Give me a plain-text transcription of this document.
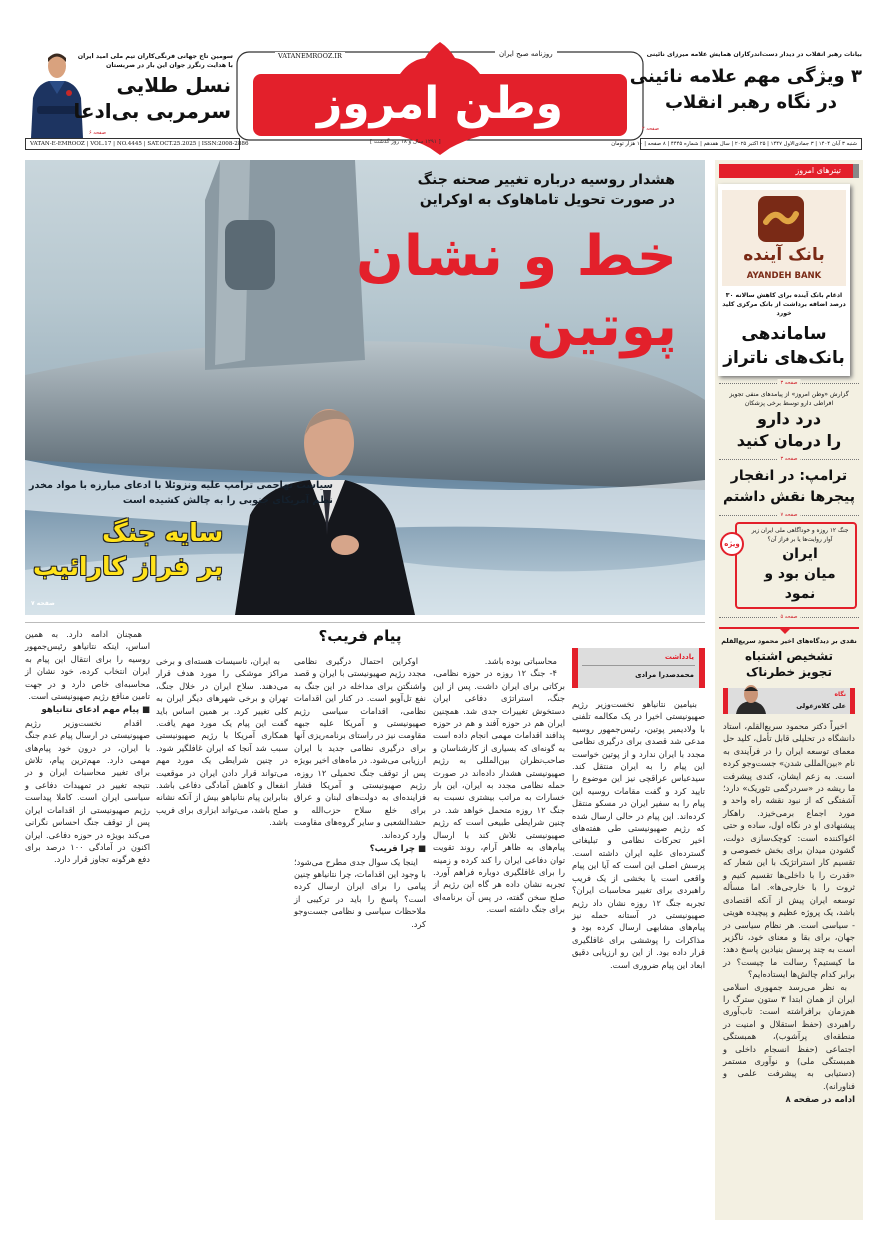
سومین تاج جهانی فرنگی‌کاران تیم ملی امید ایران
با هدایت رنگرز جوان این بار در صربستان
نسل طلایی
سرمربی بی‌ادعا
صفحه ۶
وطن امروز
روزنامه صبح ایران
VATANEMROOZ.IR	بیانات رهبر انقلاب در دیدار دست‌اندرکاران همایش علامه میرزای نائینی
۳ ویژگی مهم علامه نائینی
در نگاه رهبر انقلاب
صفحه ۲
VATAN-E-EMROOZ | VOL.17 | NO.4445 | SAT.OCT.25.2025 | ISSN:2008-2886	[ ۱۲۹۱ سال و ۱۸ روز گذشت ]	شنبه ۳ آبان ۱۴۰۴ | ۳ جمادی‌الاول ۱۴۴۷ | ۲۵ اکتبر ۲۰۲۵ | سال هفدهم | شماره ۴۴۴۵ | ۸ صفحه | ۱۰ هزار تومان
هشدار روسیه درباره تغییر صحنه جنگ
در صورت تحویل تاماهاوک به اوکراین
خط و نشان
پوتین
سیاست تهاجمی ترامپ علیه ونزوئلا با ادعای مبارزه با مواد مخدر
نظم آمریکای جنوبی را به چالش کشیده است
سایه جنگ
بر فراز کارائیب
صفحه ۷
تیترهای امروز
بانک آینده
AYANDEH BANK
ادغام بانک آینده برای کاهش سالانه ۳۰ درصد اضافه برداشت از بانک مرکزی کلید خورد
ساماندهی
بانک‌های ناتراز
صفحه ۳
گزارش «وطن امروز» از پیامدهای منفی تجویز افراطی دارو توسط برخی پزشکان
درد دارو
را درمان کنید
صفحه ۳
ترامپ: در انفجار
پیجرها نقش داشتم
صفحه ۷
ویژه
جنگ ۱۲ روزه و خودآگاهی ملی ایران زیر آوار روایت‌ها یا بر فراز آن؟
ایران
میان بود و نمود
صفحه ۵
نقدی بر دیدگاه‌های اخیر محمود سریع‌القلم
تشخیص اشتباه
تجویز خطرناک
نگاه
علی کلاه‌زغولی

اخیراً دکتر محمود سریع‌القلم، استاد دانشگاه در تحلیلی قابل تأمل، کلید حل معمای توسعه ایران را در فرآیندی به نام «بین‌المللی شدن» جست‌وجو کرده است. به زعم ایشان، کندی پیشرفت ما ریشه در «سردرگمی تئوریک» دارد؛ آشفتگی که از نبود نقشه راه واحد و مورد اجماع برمی‌خیزد. راهکار پیشنهادی او در نگاه اول، ساده و حتی اغواکننده است: کوچک‌سازی دولت، گشودن میدان برای بخش خصوصی و تقسیم کار استراتژیک با این شعار که «قدرت را با داخلی‌ها تقسیم کنیم و ثروت را با خارجی‌ها». اما مسأله توسعه ایران پیش از آنکه اقتصادی باشد، یک پروژه عظیم و پیچیده هویتی - سیاسی است. هر نظام سیاسی در جهان، برای بقا و معنای خود، ناگزیر است به چند پرسش بنیادین پاسخ دهد: ما کیستیم؟ رسالت ما چیست؟ در برابر کدام چالش‌ها ایستاده‌ایم؟

به نظر می‌رسد جمهوری اسلامی ایران از همان ابتدا ۳ ستون سترگ را هم‌زمان برافراشته است: تاب‌آوری راهبردی (حفظ استقلال و امنیت در منطقه‌ای پرآشوب)، همبستگی اجتماعی (حفظ انسجام داخلی و همبستگی ملی) و نوآوری مستمر (دستیابی به پیشرفت علمی و فناورانه).

ادامه در صفحه ۸
پیام فریب؟
یادداشت
محمدصدرا مرادی

بنیامین نتانیاهو نخست‌وزیر رژیم صهیونیستی اخیرا در یک مکالمه تلفنی با ولادیمیر پوتین، رئیس‌جمهور روسیه مدعی شد قصدی برای درگیری نظامی مجدد با ایران ندارد و از پوتین خواست این پیام را به ایران منتقل کند. سیدعباس عراقچی نیز این موضوع را تایید کرد و گفت مقامات روسیه این پیام را به سفیر ایران در مسکو منتقل کرده‌اند. این پیام در حالی ارسال شده که رژیم صهیونیستی طی هفته‌های اخیر تحرکات نظامی و تبلیغاتی گسترده‌ای علیه ایران داشته است. پرسش اصلی این است که آیا این پیام واقعی است یا بخشی از یک فریب راهبردی برای تغییر محاسبات ایران؟ تجربه جنگ ۱۲ روزه نشان داد رژیم صهیونیستی در آستانه حمله نیز پیام‌های مشابهی ارسال کرده بود و مذاکرات را پوششی برای غافلگیری قرار داده بود. از این رو ارزیابی دقیق ابعاد این پیام ضروری است.

محاسباتی بوده باشد.

۴- جنگ ۱۲ روزه در حوزه نظامی، برکاتی برای ایران داشت. پس از این جنگ، استراتژی دفاعی ایران دستخوش تغییرات جدی شد. همچنین ایران هم در حوزه آفند و هم در حوزه پدافند اقدامات مهمی انجام داده است به گونه‌ای که بسیاری از کارشناسان و صاحب‌نظران بین‌المللی به رژیم صهیونیستی هشدار داده‌اند در صورت حمله نظامی مجدد به ایران، این بار خسارات به مراتب بیشتری نسبت به جنگ ۱۲ روزه متحمل خواهد شد. در چنین شرایطی طبیعی است که رژیم صهیونیستی تلاش کند با ارسال پیام‌های به ظاهر آرام، روند تقویت توان دفاعی ایران را کند کرده و زمینه را برای غافلگیری دوباره فراهم آورد. تجربه نشان داده هر گاه این رژیم از صلح سخن گفته، در پس آن برنامه‌ای برای جنگ داشته است.

اوکراین احتمال درگیری نظامی مجدد رژیم صهیونیستی با ایران و قصد واشنگتن برای مداخله در این جنگ به نفع تل‌آویو است. در کنار این اقدامات نظامی، اقدامات سیاسی رژیم صهیونیستی و آمریکا علیه جبهه مقاومت نیز در راستای برنامه‌ریزی آنها برای درگیری نظامی جدید با ایران ارزیابی می‌شود. در ماه‌های اخیر بویژه پس از توقف جنگ تحمیلی ۱۲ روزه، رژیم صهیونیستی و آمریکا فشار فزاینده‌ای به دولت‌های لبنان و عراق برای خلع سلاح حزب‌الله و حشدالشعبی و سایر گروه‌های مقاومت وارد کرده‌اند.

■ چرا فریب؟

اینجا یک سوال جدی مطرح می‌شود؛ با وجود این اقدامات، چرا نتانیاهو چنین پیامی را برای ایران ارسال کرده است؟ پاسخ را باید در ترکیبی از ملاحظات سیاسی و نظامی جست‌وجو کرد.

به ایران، تاسیسات هسته‌ای و برخی مراکز موشکی را مورد هدف قرار می‌دهند. سلاح ایران در خلال جنگ، تهران و برخی شهرهای دیگر ایران به کلی تغییر کرد. بر همین اساس باید گفت این پیام یک مورد مهم یافت. همکاری آمریکا با رژیم صهیونیستی سبب شد آنجا که ایران غافلگیر شود. در چنین شرایطی یک مورد مهم می‌تواند قرار دادن ایران در موقعیت انفعال و کاهش آمادگی دفاعی باشد. بنابراین پیام نتانیاهو بیش از آنکه نشانه صلح باشد، می‌تواند ابزاری برای فریب باشد.

همچنان ادامه دارد. به همین اساس، اینکه نتانیاهو رئیس‌جمهور روسیه را برای انتقال این پیام به ایران انتخاب کرده، خود نشان از محاسبه‌ای خاص دارد و در جهت تامین منافع رژیم صهیونیستی است.

■ پیام مهم ادعای نتانیاهو

اقدام نخست‌وزیر رژیم صهیونیستی در ارسال پیام عدم جنگ با ایران، در درون خود پیام‌های مهمی دارد. مهم‌ترین پیام، تلاش برای تغییر محاسبات ایران و در نتیجه تغییر در تمهیدات دفاعی و سیاسی ایران است. کاملا پیداست رژیم صهیونیستی از اقدامات ایران پس از توقف جنگ احساس نگرانی می‌کند بویژه در حوزه دفاعی. ایران اکنون در آمادگی ۱۰۰ درصد برای دفع هرگونه تجاوز قرار دارد.
